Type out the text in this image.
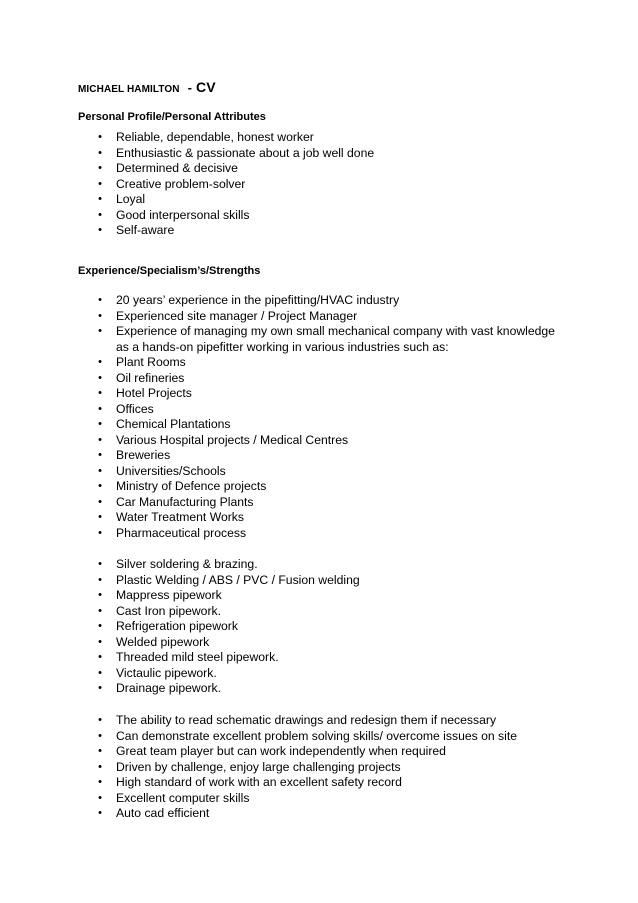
MICHAEL HAMILTON - CV
Personal Profile/Personal Attributes
• Reliable, dependable, honest worker
• Enthusiastic & passionate about a job well done
• Determined & decisive
• Creative problem-solver
• Loyal
• Good interpersonal skills
• Self-aware
Experience/Specialism’s/Strengths
• 20 years’ experience in the pipefitting/HVAC industry
• Experienced site manager / Project Manager
• Experience of managing my own small mechanical company with vast knowledge as a hands-on pipefitter working in various industries such as:
• Plant Rooms
• Oil refineries
• Hotel Projects
• Offices
• Chemical Plantations
• Various Hospital projects / Medical Centres
• Breweries
• Universities/Schools
• Ministry of Defence projects
• Car Manufacturing Plants
• Water Treatment Works
• Pharmaceutical process
• Silver soldering & brazing.
• Plastic Welding / ABS / PVC / Fusion welding
• Mappress pipework
• Cast Iron pipework.
• Refrigeration pipework
• Welded pipework
• Threaded mild steel pipework.
• Victaulic pipework.
• Drainage pipework.
• The ability to read schematic drawings and redesign them if necessary
• Can demonstrate excellent problem solving skills/ overcome issues on site
• Great team player but can work independently when required
• Driven by challenge, enjoy large challenging projects
• High standard of work with an excellent safety record
• Excellent computer skills
• Auto cad efficient
